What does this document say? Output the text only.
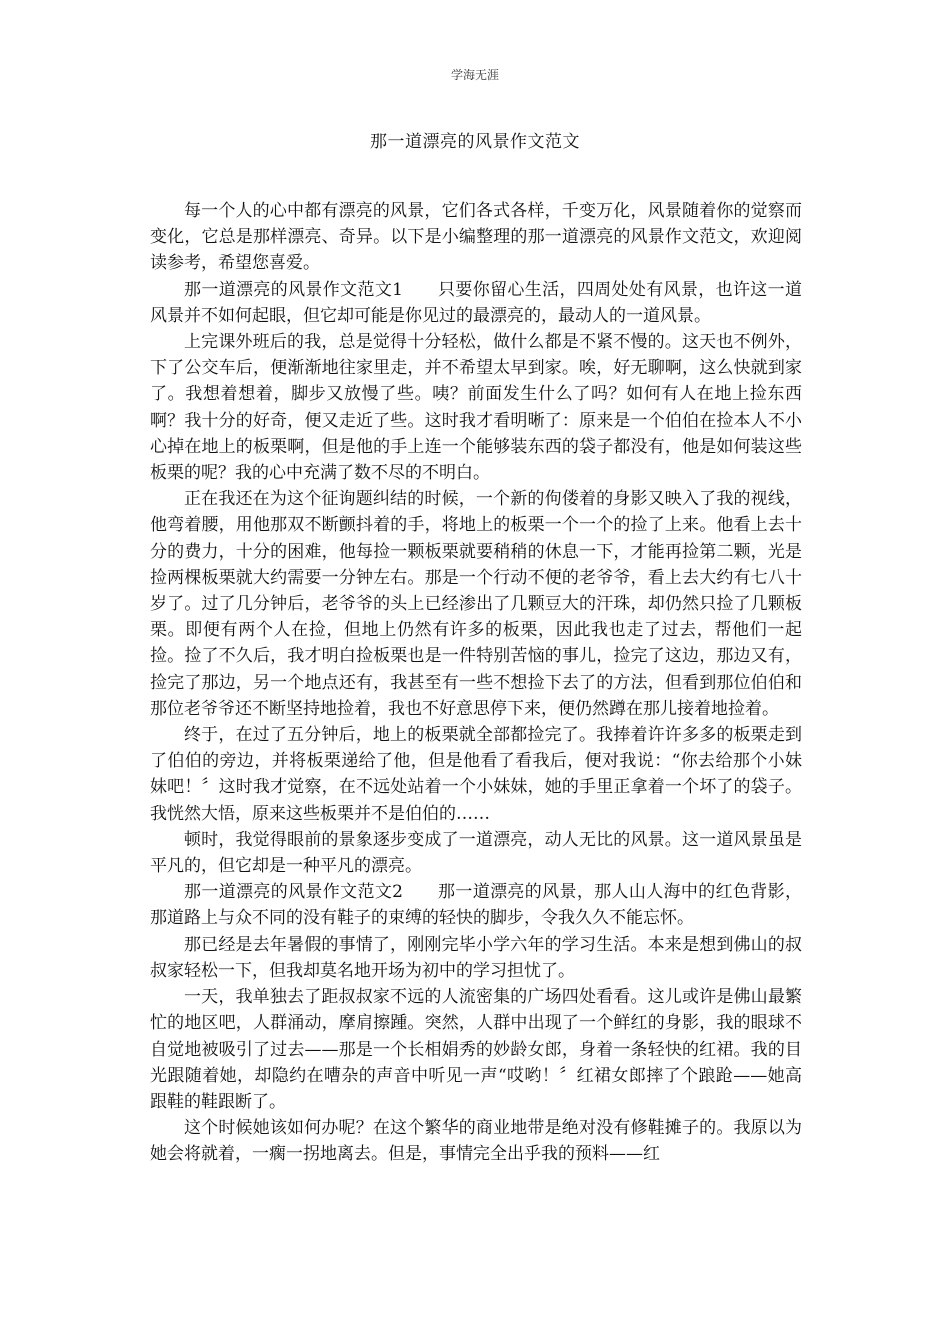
学海无涯
那一道漂亮的风景作文范文

每一个人的心中都有漂亮的风景，它们各式各样，千变万化，风景随着你的觉察而变化，它总是那样漂亮、奇异。以下是小编整理的那一道漂亮的风景作文范文，欢迎阅读参考，希望您喜爱。

那一道漂亮的风景作文范文1　　只要你留心生活，四周处处有风景，也许这一道风景并不如何起眼，但它却可能是你见过的最漂亮的，最动人的一道风景。

上完课外班后的我，总是觉得十分轻松，做什么都是不紧不慢的。这天也不例外，下了公交车后，便渐渐地往家里走，并不希望太早到家。唉，好无聊啊，这么快就到家了。我想着想着，脚步又放慢了些。咦？前面发生什么了吗？如何有人在地上捡东西啊？我十分的好奇，便又走近了些。这时我才看明晰了：原来是一个伯伯在捡本人不小心掉在地上的板栗啊，但是他的手上连一个能够装东西的袋子都没有，他是如何装这些板栗的呢？我的心中充满了数不尽的不明白。

正在我还在为这个征询题纠结的时候，一个新的佝偻着的身影又映入了我的视线，他弯着腰，用他那双不断颤抖着的手，将地上的板栗一个一个的捡了上来。他看上去十分的费力，十分的困难，他每捡一颗板栗就要稍稍的休息一下，才能再捡第二颗，光是捡两棵板栗就大约需要一分钟左右。那是一个行动不便的老爷爷，看上去大约有七八十岁了。过了几分钟后，老爷爷的头上已经渗出了几颗豆大的汗珠，却仍然只捡了几颗板栗。即便有两个人在捡，但地上仍然有许多的板栗，因此我也走了过去，帮他们一起捡。捡了不久后，我才明白捡板栗也是一件特别苦恼的事儿，捡完了这边，那边又有，捡完了那边，另一个地点还有，我甚至有一些不想捡下去了的方法，但看到那位伯伯和那位老爷爷还不断坚持地捡着，我也不好意思停下来，便仍然蹲在那儿接着地捡着。

终于，在过了五分钟后，地上的板栗就全部都捡完了。我捧着许许多多的板栗走到了伯伯的旁边，并将板栗递给了他，但是他看了看我后，便对我说：“你去给那个小妹妹吧！〞这时我才觉察，在不远处站着一个小妹妹，她的手里正拿着一个坏了的袋子。我恍然大悟，原来这些板栗并不是伯伯的……

顿时，我觉得眼前的景象逐步变成了一道漂亮，动人无比的风景。这一道风景虽是平凡的，但它却是一种平凡的漂亮。

那一道漂亮的风景作文范文2　　那一道漂亮的风景，那人山人海中的红色背影，那道路上与众不同的没有鞋子的束缚的轻快的脚步，令我久久不能忘怀。

那已经是去年暑假的事情了，刚刚完毕小学六年的学习生活。本来是想到佛山的叔叔家轻松一下，但我却莫名地开场为初中的学习担忧了。

一天，我单独去了距叔叔家不远的人流密集的广场四处看看。这儿或许是佛山最繁忙的地区吧，人群涌动，摩肩擦踵。突然，人群中出现了一个鲜红的身影，我的眼球不自觉地被吸引了过去——那是一个长相娟秀的妙龄女郎，身着一条轻快的红裙。我的目光跟随着她，却隐约在嘈杂的声音中听见一声“哎哟！〞红裙女郎摔了个踉跄——她高跟鞋的鞋跟断了。

这个时候她该如何办呢？在这个繁华的商业地带是绝对没有修鞋摊子的。我原以为她会将就着，一瘸一拐地离去。但是，事情完全出乎我的预料——红
